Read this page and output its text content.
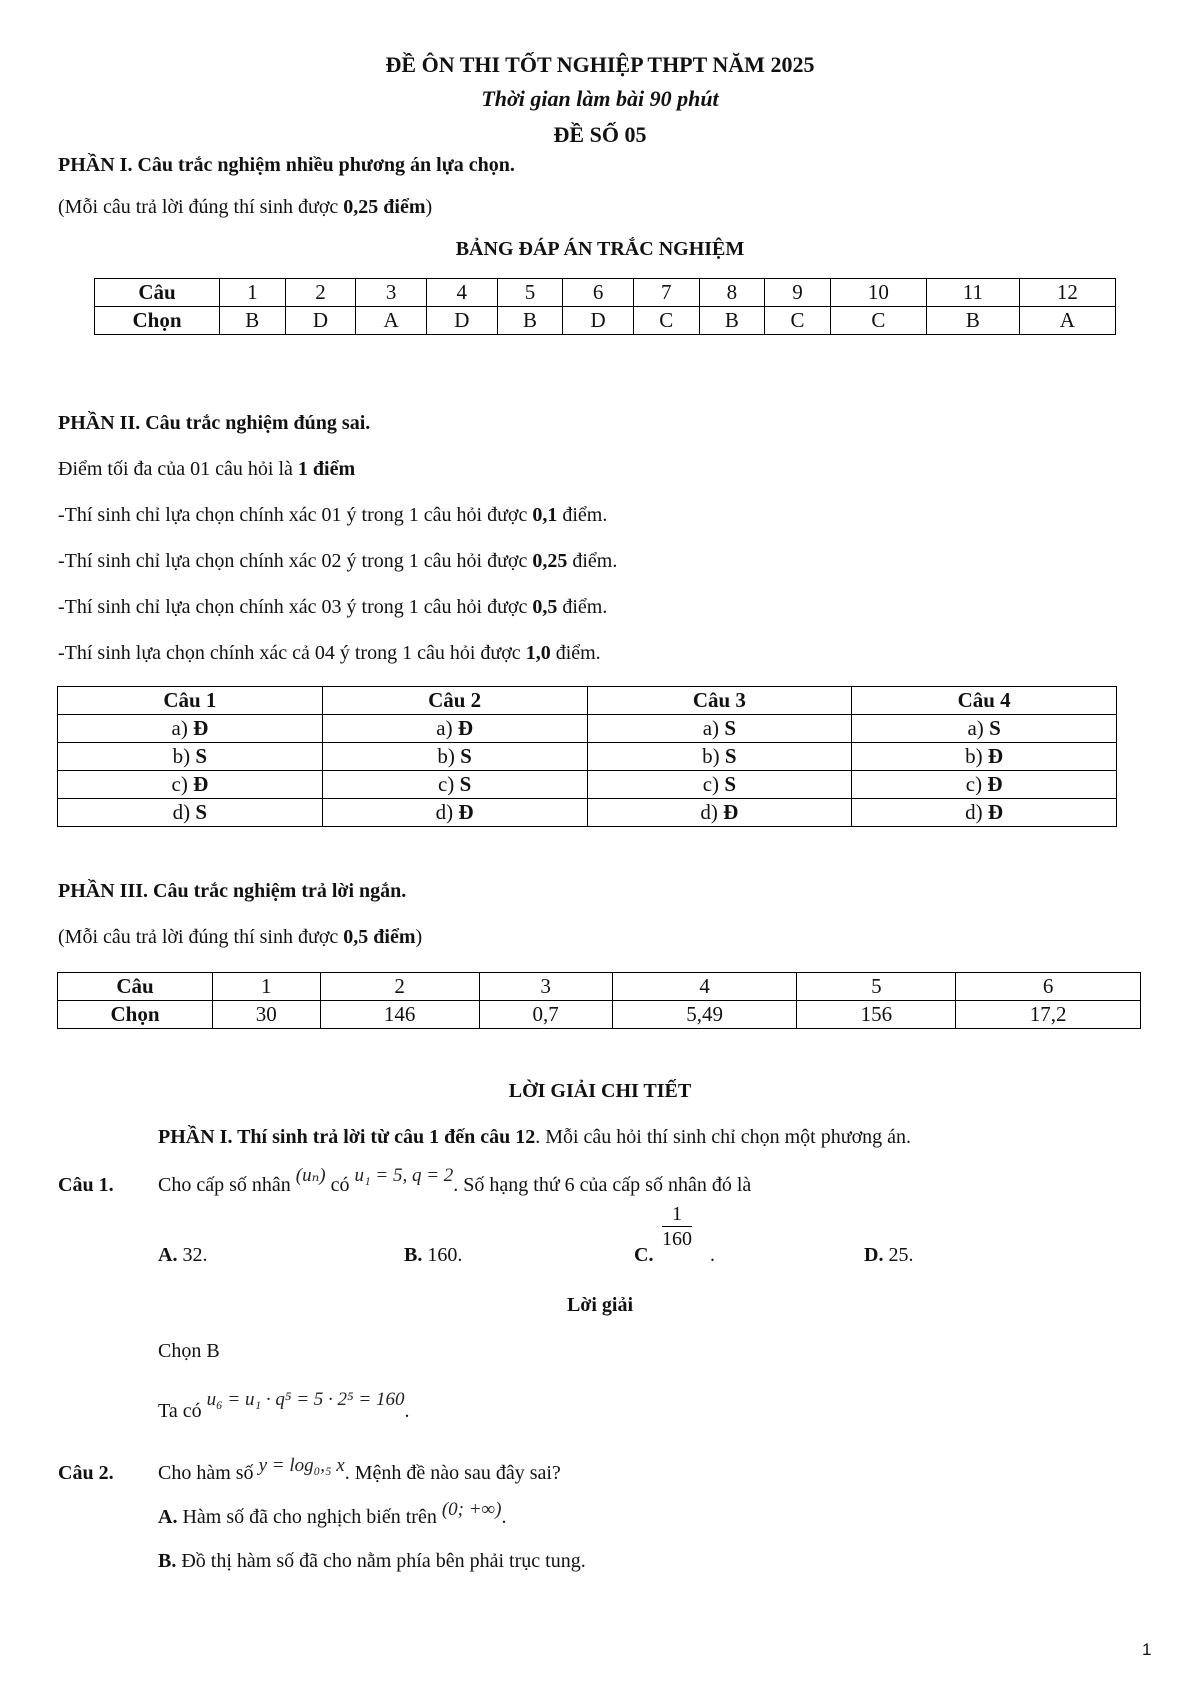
ĐỀ ÔN THI TỐT NGHIỆP THPT NĂM 2025
Thời gian làm bài 90 phút
ĐỀ SỐ 05
PHẦN I. Câu trắc nghiệm nhiều phương án lựa chọn.
(Mỗi câu trả lời đúng thí sinh được 0,25 điểm)
BẢNG ĐÁP ÁN TRẮC NGHIỆM
Câu	1	2	3	4	5	6	7	8	9	10	11	12
Chọn	B	D	A	D	B	D	C	B	C	C	B	A
PHẦN II. Câu trắc nghiệm đúng sai.
Điểm tối đa của 01 câu hỏi là 1 điểm
-Thí sinh chỉ lựa chọn chính xác 01 ý trong 1 câu hỏi được 0,1 điểm.
-Thí sinh chỉ lựa chọn chính xác 02 ý trong 1 câu hỏi được 0,25 điểm.
-Thí sinh chỉ lựa chọn chính xác 03 ý trong 1 câu hỏi được 0,5 điểm.
-Thí sinh lựa chọn chính xác cả 04 ý trong 1 câu hỏi được 1,0 điểm.
Câu 1	Câu 2	Câu 3	Câu 4
a) Đ	a) Đ	a) S	a) S
b) S	b) S	b) S	b) Đ
c) Đ	c) S	c) S	c) Đ
d) S	d) Đ	d) Đ	d) Đ
PHẦN III. Câu trắc nghiệm trả lời ngắn.
(Mỗi câu trả lời đúng thí sinh được 0,5 điểm)
Câu	1	2	3	4	5	6
Chọn	30	146	0,7	5,49	156	17,2
LỜI GIẢI CHI TIẾT
PHẦN I. Thí sinh trả lời từ câu 1 đến câu 12. Mỗi câu hỏi thí sinh chỉ chọn một phương án.
Câu 1. Cho cấp số nhân (uₙ) có u₁ = 5, q = 2. Số hạng thứ 6 của cấp số nhân đó là
A. 32.	B. 160.	C.
$\frac{1}{160}$
.	D. 25.
Lời giải
Chọn B
Ta có u₆ = u₁ · q⁵ = 5 · 2⁵ = 160.
Câu 2. Cho hàm số y = log₀,₅ x. Mệnh đề nào sau đây sai?
A. Hàm số đã cho nghịch biến trên (0; +∞).
B. Đồ thị hàm số đã cho nằm phía bên phải trục tung.
1
